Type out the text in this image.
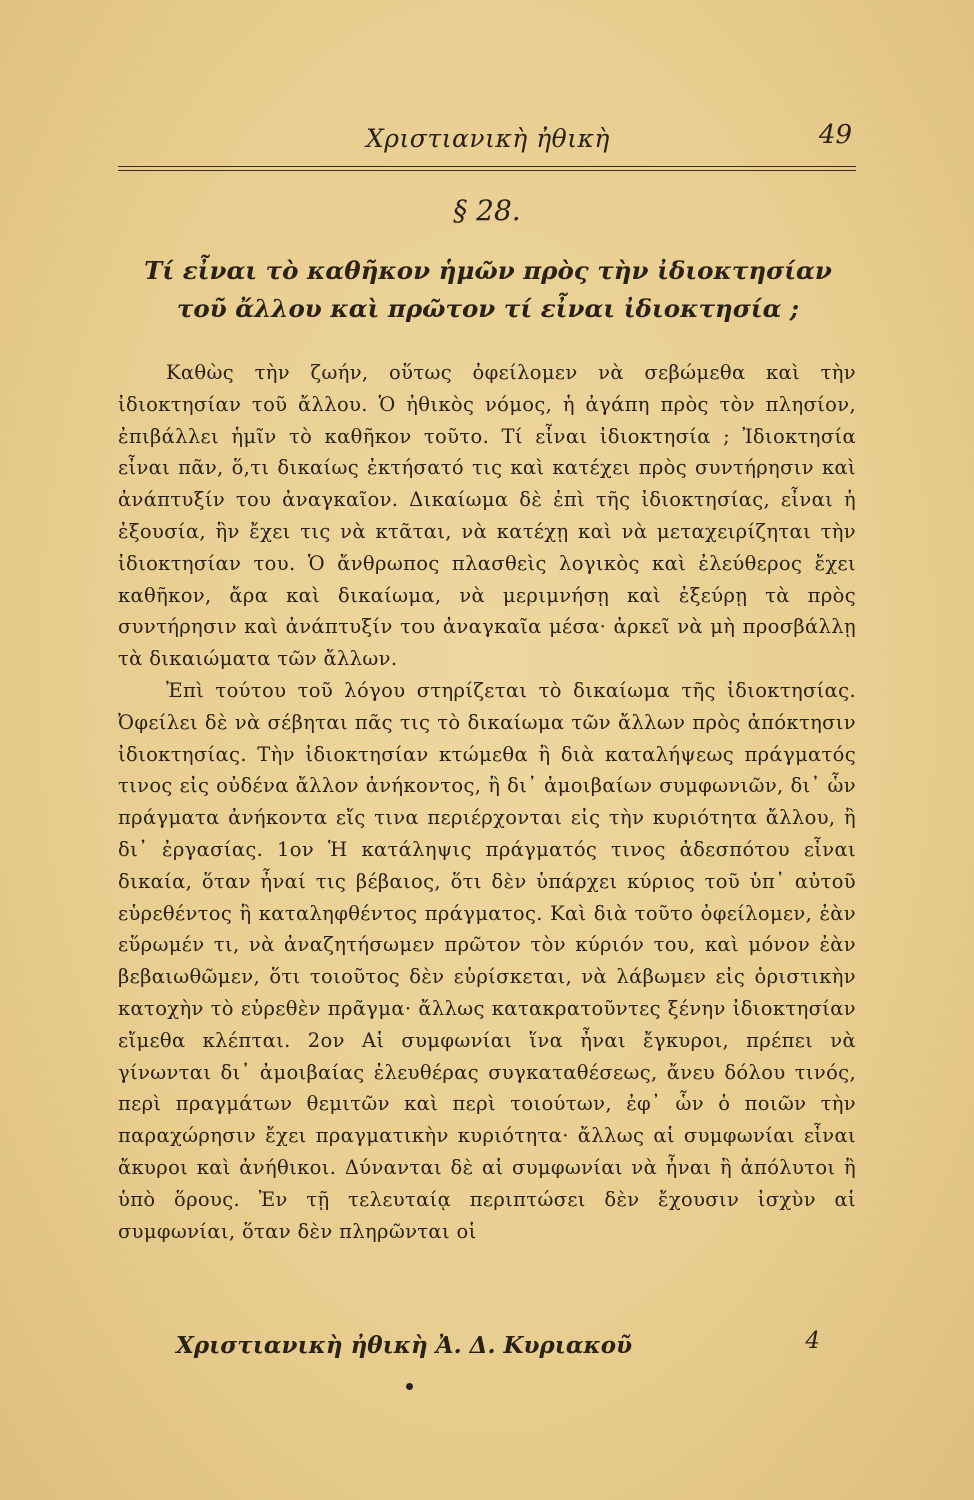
Χριστιανικὴ ἠθικὴ	49
§ 28.
Τί εἶναι τὸ καθῆκον ἡμῶν πρὸς τὴν ἰδιοκτησίαν
τοῦ ἄλλου καὶ πρῶτον τί εἶναι ἰδιοκτησία ;

Καθὼς τὴν ζωήν, οὕτως ὀφείλομεν νὰ σεβώμεθα καὶ τὴν ἰδιοκτησίαν τοῦ ἄλλου. Ὁ ἠθικὸς νόμος, ἡ ἀγάπη πρὸς τὸν πλησίον, ἐπιβάλλει ἡμῖν τὸ καθῆκον τοῦτο. Τί εἶναι ἰδιοκτησία ; Ἰδιοκτησία εἶναι πᾶν, ὅ,τι δικαίως ἐκτήσατό τις καὶ κατέχει πρὸς συντήρησιν καὶ ἀνάπτυξίν του ἀναγκαῖον. Δικαίωμα δὲ ἐπὶ τῆς ἰδιοκτησίας, εἶναι ἡ ἐξουσία, ἣν ἔχει τις νὰ κτᾶται, νὰ κατέχῃ καὶ νὰ μεταχειρίζηται τὴν ἰδιοκτησίαν του. Ὁ ἄνθρωπος πλασθεὶς λογικὸς καὶ ἐλεύθερος ἔχει καθῆκον, ἄρα καὶ δικαίωμα, νὰ μεριμνήσῃ καὶ ἐξεύρῃ τὰ πρὸς συντήρησιν καὶ ἀνάπτυξίν του ἀναγκαῖα μέσα· ἀρκεῖ νὰ μὴ προσβάλλῃ τὰ δικαιώματα τῶν ἄλλων.

Ἐπὶ τούτου τοῦ λόγου στηρίζεται τὸ δικαίωμα τῆς ἰδιοκτησίας. Ὀφείλει δὲ νὰ σέβηται πᾶς τις τὸ δικαίωμα τῶν ἄλλων πρὸς ἀπόκτησιν ἰδιοκτησίας. Τὴν ἰδιοκτησίαν κτώμεθα ἢ διὰ καταλήψεως πράγματός τινος εἰς οὐδένα ἄλλον ἀνήκοντος, ἢ δι᾿ ἀμοιβαίων συμφωνιῶν, δι᾿ ὧν πράγματα ἀνήκοντα εἴς τινα περιέρχονται εἰς τὴν κυριότητα ἄλλου, ἢ δι᾿ ἐργασίας. 1ον Ἡ κατάληψις πράγματός τινος ἀδεσπότου εἶναι δικαία, ὅταν ἦναί τις βέβαιος, ὅτι δὲν ὑπάρχει κύριος τοῦ ὑπ᾿ αὐτοῦ εὑρεθέντος ἢ καταληφθέντος πράγματος. Καὶ διὰ τοῦτο ὀφείλομεν, ἐὰν εὕρωμέν τι, νὰ ἀναζητήσωμεν πρῶτον τὸν κύριόν του, καὶ μόνον ἐὰν βεβαιωθῶμεν, ὅτι τοιοῦτος δὲν εὑρίσκεται, νὰ λάβωμεν εἰς ὁριστικὴν κατοχὴν τὸ εὑρεθὲν πρᾶγμα· ἄλλως κατακρατοῦντες ξένην ἰδιοκτησίαν εἴμεθα κλέπται. 2ον Αἱ συμφωνίαι ἵνα ἦναι ἔγκυροι, πρέπει νὰ γίνωνται δι᾿ ἀμοιβαίας ἐλευθέρας συγκαταθέσεως, ἄνευ δόλου τινός, περὶ πραγμάτων θεμιτῶν καὶ περὶ τοιούτων, ἐφ᾿ ὧν ὁ ποιῶν τὴν παραχώρησιν ἔχει πραγματικὴν κυριότητα· ἄλλως αἱ συμφωνίαι εἶναι ἄκυροι καὶ ἀνήθικοι. Δύνανται δὲ αἱ συμφωνίαι νὰ ἦναι ἢ ἀπόλυτοι ἢ ὑπὸ ὅρους. Ἐν τῇ τελευταίᾳ περιπτώσει δὲν ἔχουσιν ἰσχὺν αἱ συμφωνίαι, ὅταν δὲν πληρῶνται οἱ

Χριστιανικὴ ἠθικὴ Ἀ. Δ. Κυριακοῦ	4
